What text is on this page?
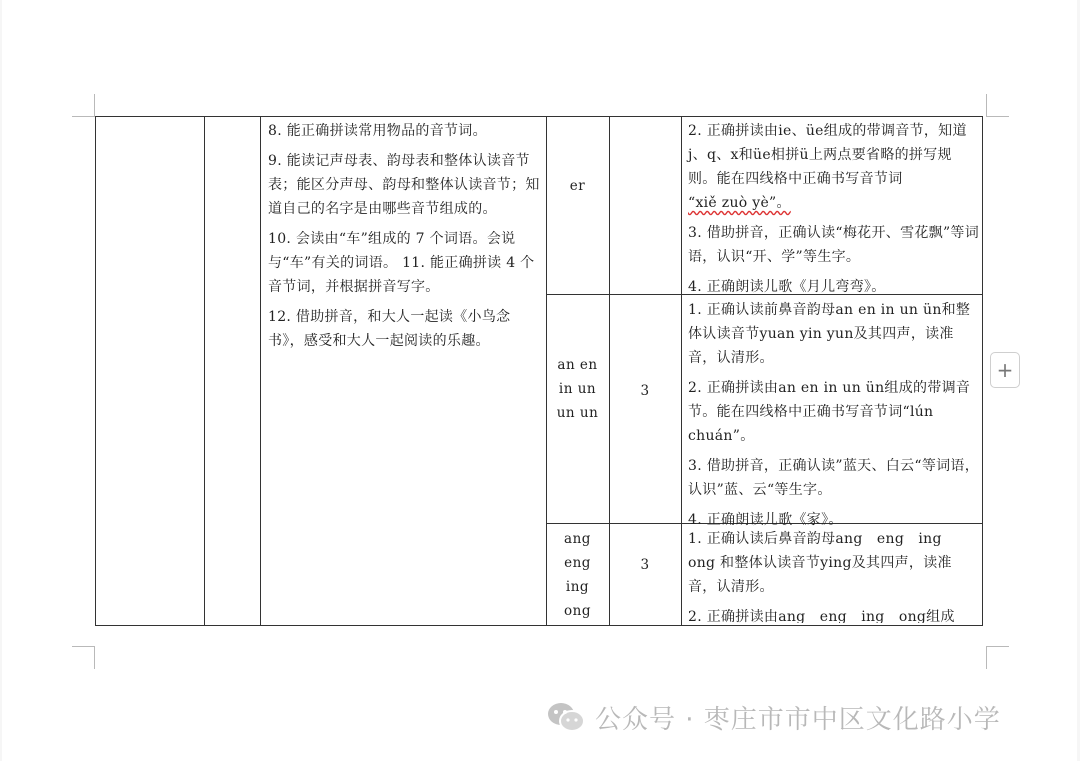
8. 能正确拼读常用物品的音节词。

9. 能读记声母表、韵母表和整体认读音节表；能区分声母、韵母和整体认读音节；知道自己的名字是由哪些音节组成的。

10. 会读由“车”组成的 7 个词语。会说与“车”有关的词语。 11. 能正确拼读 4 个音节词，并根据拼音写字。

12. 借助拼音，和大人一起读《小鸟念书》，感受和大人一起阅读的乐趣。

er

2. 正确拼读由ie、üe组成的带调音节，知道j、q、x和üe相拼ü上两点要省略的拼写规则。能在四线格中正确书写音节词

“xiě zuò yè”。

3. 借助拼音，正确认读“梅花开、雪花飘”等词语，认识“开、学”等生字。

4. 正确朗读儿歌《月儿弯弯》。

an en
in un
un un
3

1. 正确认读前鼻音韵母an en in un ün和整体认读音节yuan yin yun及其四声，读准音，认清形。

2. 正确拼读由an en in un ün组成的带调音节。能在四线格中正确书写音节词“lún chuán”。

3. 借助拼音，正确认读”蓝天、白云“等词语，认识”蓝、云“等生字。

4. 正确朗读儿歌《家》。

ang
eng
ing
ong
3

1. 正确认读后鼻音韵母ang　eng　ing　ong 和整体认读音节ying及其四声，读准音，认清形。

2. 正确拼读由ang　eng　ing　ong组成

+
公众号 · 枣庄市市中区文化路小学
